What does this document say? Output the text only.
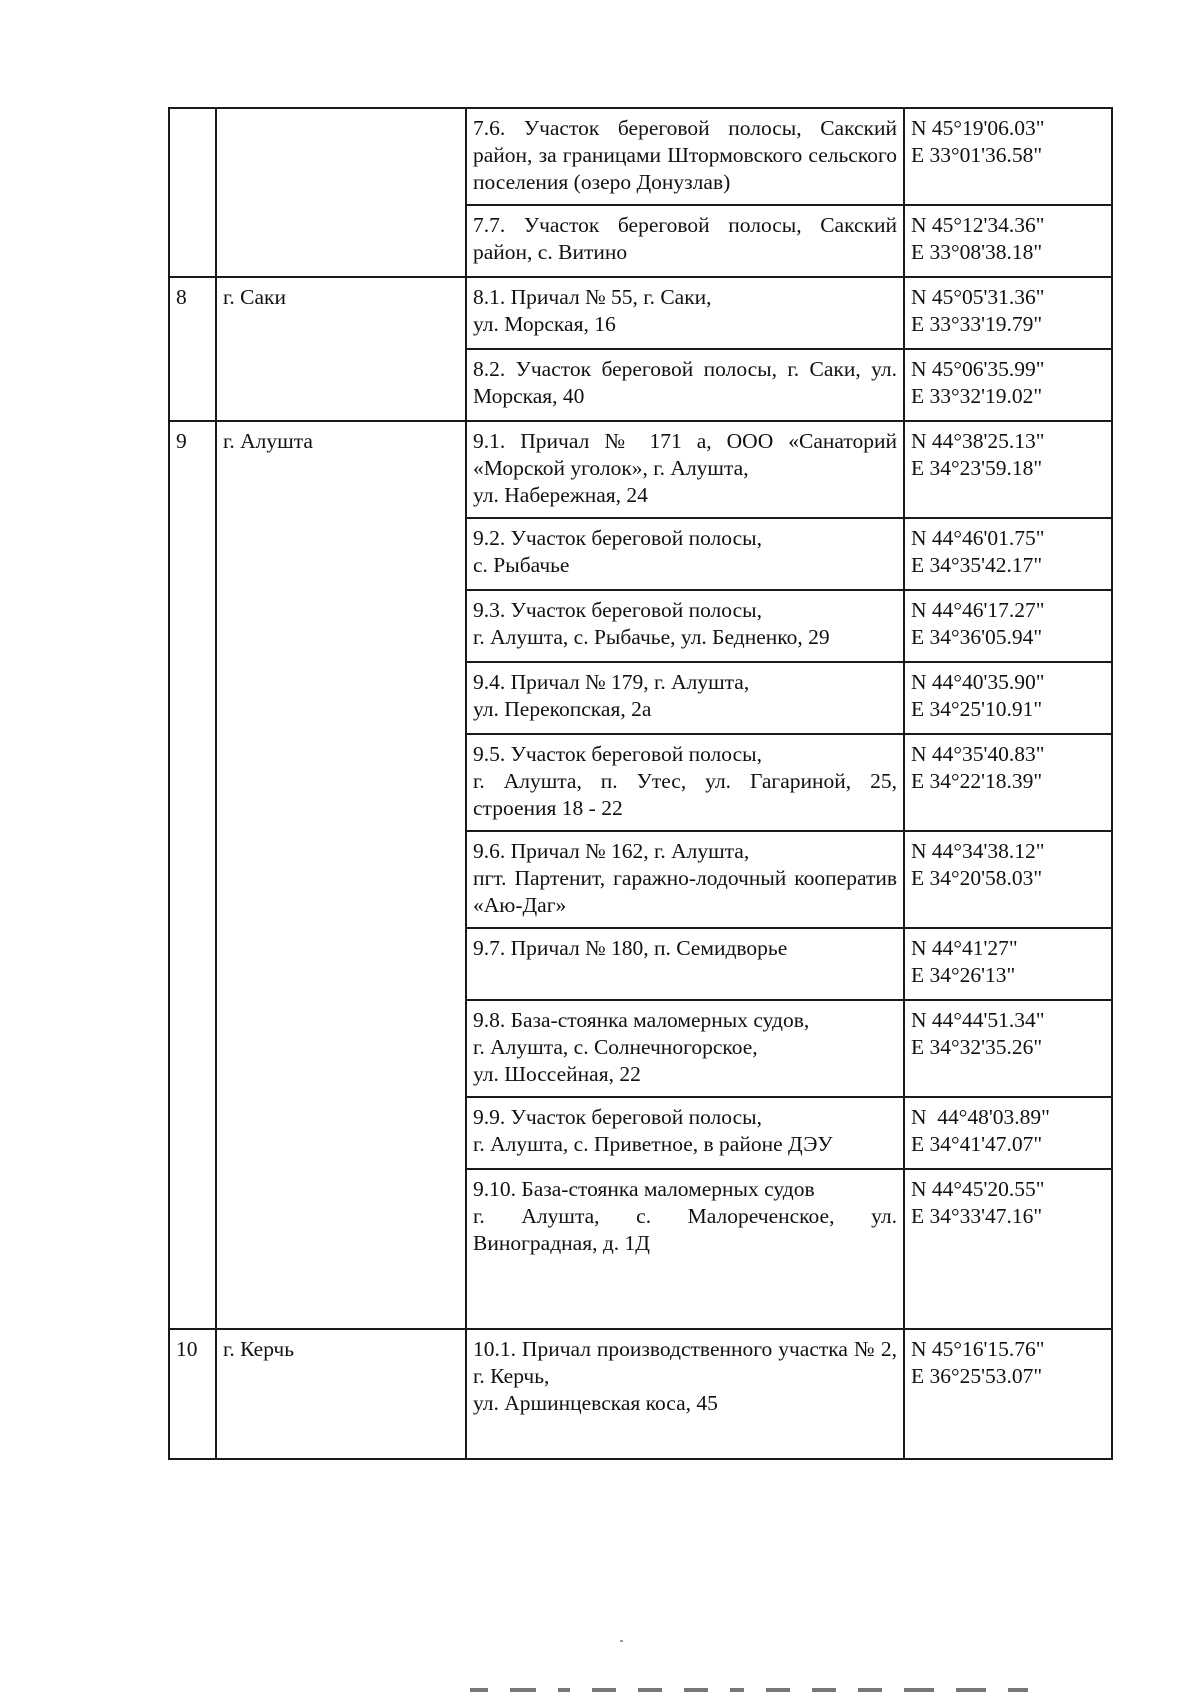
		7.6. Участок береговой полосы, Сакский район, за границами Штормовского сельского поселения (озеро Донузлав)	N 45°19'06.03"
E 33°01'36.58"

		7.7. Участок береговой полосы, Сакский район, с. Витино	N 45°12'34.36"
E 33°08'38.18"

8	г. Саки	8.1. Причал № 55, г. Саки,
ул. Морская, 16	N 45°05'31.36"
E 33°33'19.79"

		8.2. Участок береговой полосы, г. Саки, ул. Морская, 40	N 45°06'35.99"
E 33°32'19.02"

9	г. Алушта	9.1. Причал № 171 а, ООО «Санаторий «Морской уголок», г. Алушта,
ул. Набережная, 24	N 44°38'25.13"
E 34°23'59.18"

		9.2. Участок береговой полосы,
с. Рыбачье	N 44°46'01.75"
E 34°35'42.17"

		9.3. Участок береговой полосы,
г. Алушта, с. Рыбачье, ул. Бедненко, 29	N 44°46'17.27"
E 34°36'05.94"

		9.4. Причал № 179, г. Алушта,
ул. Перекопская, 2а	N 44°40'35.90"
E 34°25'10.91"

		9.5. Участок береговой полосы,
г. Алушта, п. Утес, ул. Гагариной, 25, строения 18 - 22	N 44°35'40.83"
E 34°22'18.39"

		9.6. Причал № 162, г. Алушта,
пгт. Партенит, гаражно-лодочный кооператив «Аю-Даг»	N 44°34'38.12"
E 34°20'58.03"

		9.7. Причал № 180, п. Семидворье	N 44°41'27"
E 34°26'13"

		9.8. База-стоянка маломерных судов,
г. Алушта, с. Солнечногорское,
ул. Шоссейная, 22	N 44°44'51.34"
E 34°32'35.26"

		9.9. Участок береговой полосы,
г. Алушта, с. Приветное, в районе ДЭУ	N  44°48'03.89"
E 34°41'47.07"

		9.10. База-стоянка маломерных судов
г. Алушта, с. Малореченское, ул. Виноградная, д. 1Д	N 44°45'20.55"
E 34°33'47.16"

10	г. Керчь	10.1. Причал производственного участка № 2, г. Керчь,
ул. Аршинцевская коса, 45	N 45°16'15.76"
E 36°25'53.07"
